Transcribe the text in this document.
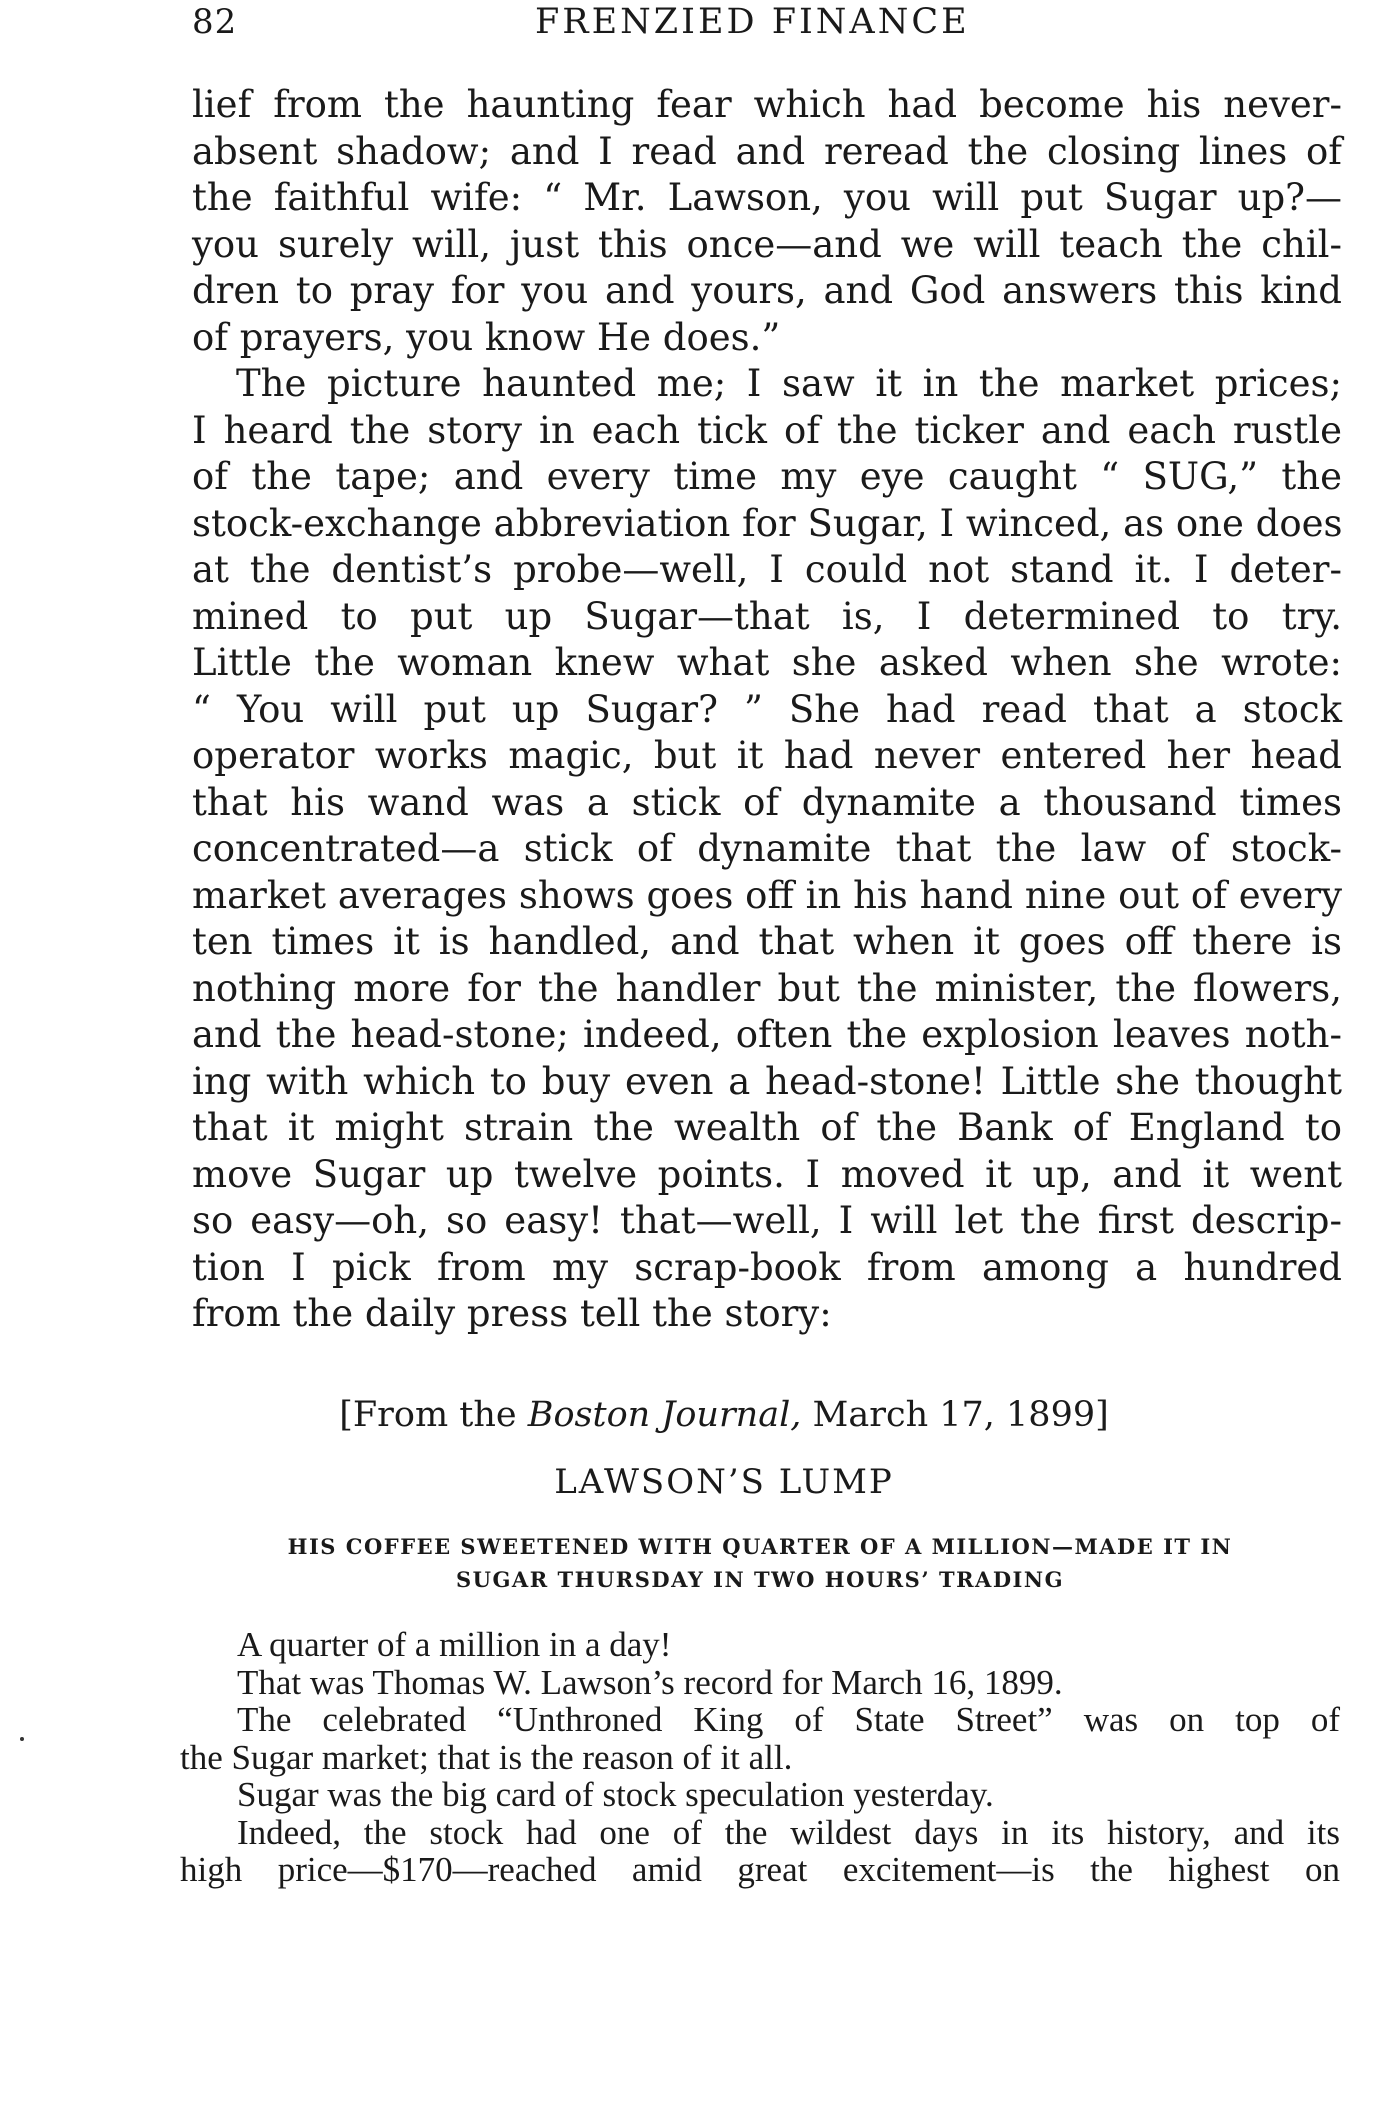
82	FRENZIED FINANCE

lief from the haunting fear which had become his never-
absent shadow; and I read and reread the closing lines of
the faithful wife: “ Mr. Lawson, you will put Sugar up?—
you surely will, just this once—and we will teach the chil-
dren to pray for you and yours, and God answers this kind
of prayers, you know He does.”

The picture haunted me; I saw it in the market prices;
I heard the story in each tick of the ticker and each rustle
of the tape; and every time my eye caught “ SUG,” the
stock-exchange abbreviation for Sugar, I winced, as one does
at the dentist’s probe—well, I could not stand it. I deter-
mined to put up Sugar—that is, I determined to try.
Little the woman knew what she asked when she wrote:
“ You will put up Sugar? ” She had read that a stock
operator works magic, but it had never entered her head
that his wand was a stick of dynamite a thousand times
concentrated—a stick of dynamite that the law of stock-
market averages shows goes off in his hand nine out of every
ten times it is handled, and that when it goes off there is
nothing more for the handler but the minister, the flowers,
and the head-stone; indeed, often the explosion leaves noth-
ing with which to buy even a head-stone! Little she thought
that it might strain the wealth of the Bank of England to
move Sugar up twelve points. I moved it up, and it went
so easy—oh, so easy! that—well, I will let the first descrip-
tion I pick from my scrap-book from among a hundred
from the daily press tell the story:

[From the Boston Journal, March 17, 1899]
LAWSON’S LUMP
HIS COFFEE SWEETENED WITH QUARTER OF A MILLION—MADE IT IN
SUGAR THURSDAY IN TWO HOURS’ TRADING
A quarter of a million in a day!
That was Thomas W. Lawson’s record for March 16, 1899.
The celebrated “Unthroned King of State Street” was on top of
the Sugar market; that is the reason of it all.
Sugar was the big card of stock speculation yesterday.
Indeed, the stock had one of the wildest days in its history, and its
high price—$170—reached amid great excitement—is the highest on
